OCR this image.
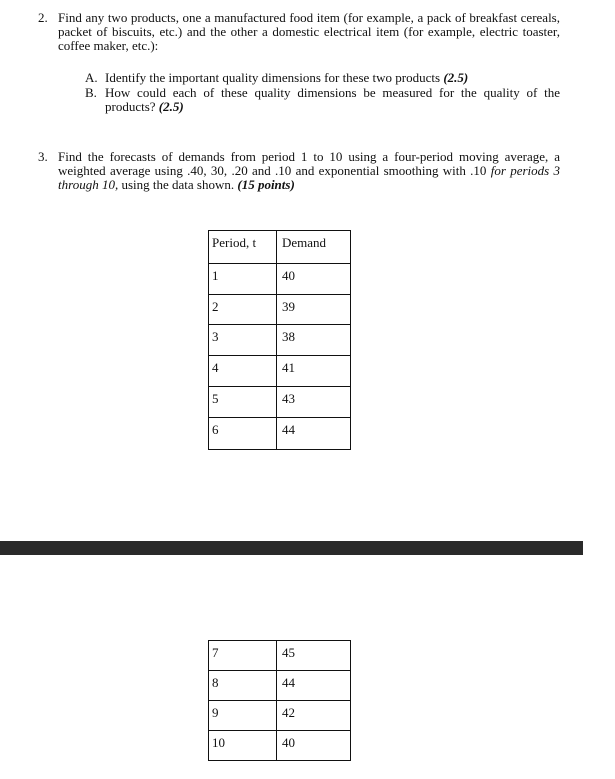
2. Find any two products, one a manufactured food item (for example, a pack of breakfast cereals, packet of biscuits, etc.) and the other a domestic electrical item (for example, electric toaster, coffee maker, etc.):
A. Identify the important quality dimensions for these two products (2.5)
B. How could each of these quality dimensions be measured for the quality of the products? (2.5)
3. Find the forecasts of demands from period 1 to 10 using a four-period moving average, a weighted average using .40, 30, .20 and .10 and exponential smoothing with .10 for periods 3 through 10, using the data shown. (15 points)
Period, t	Demand
1	40
2	39
3	38
4	41
5	43
6	44
7	45
8	44
9	42
10	40
